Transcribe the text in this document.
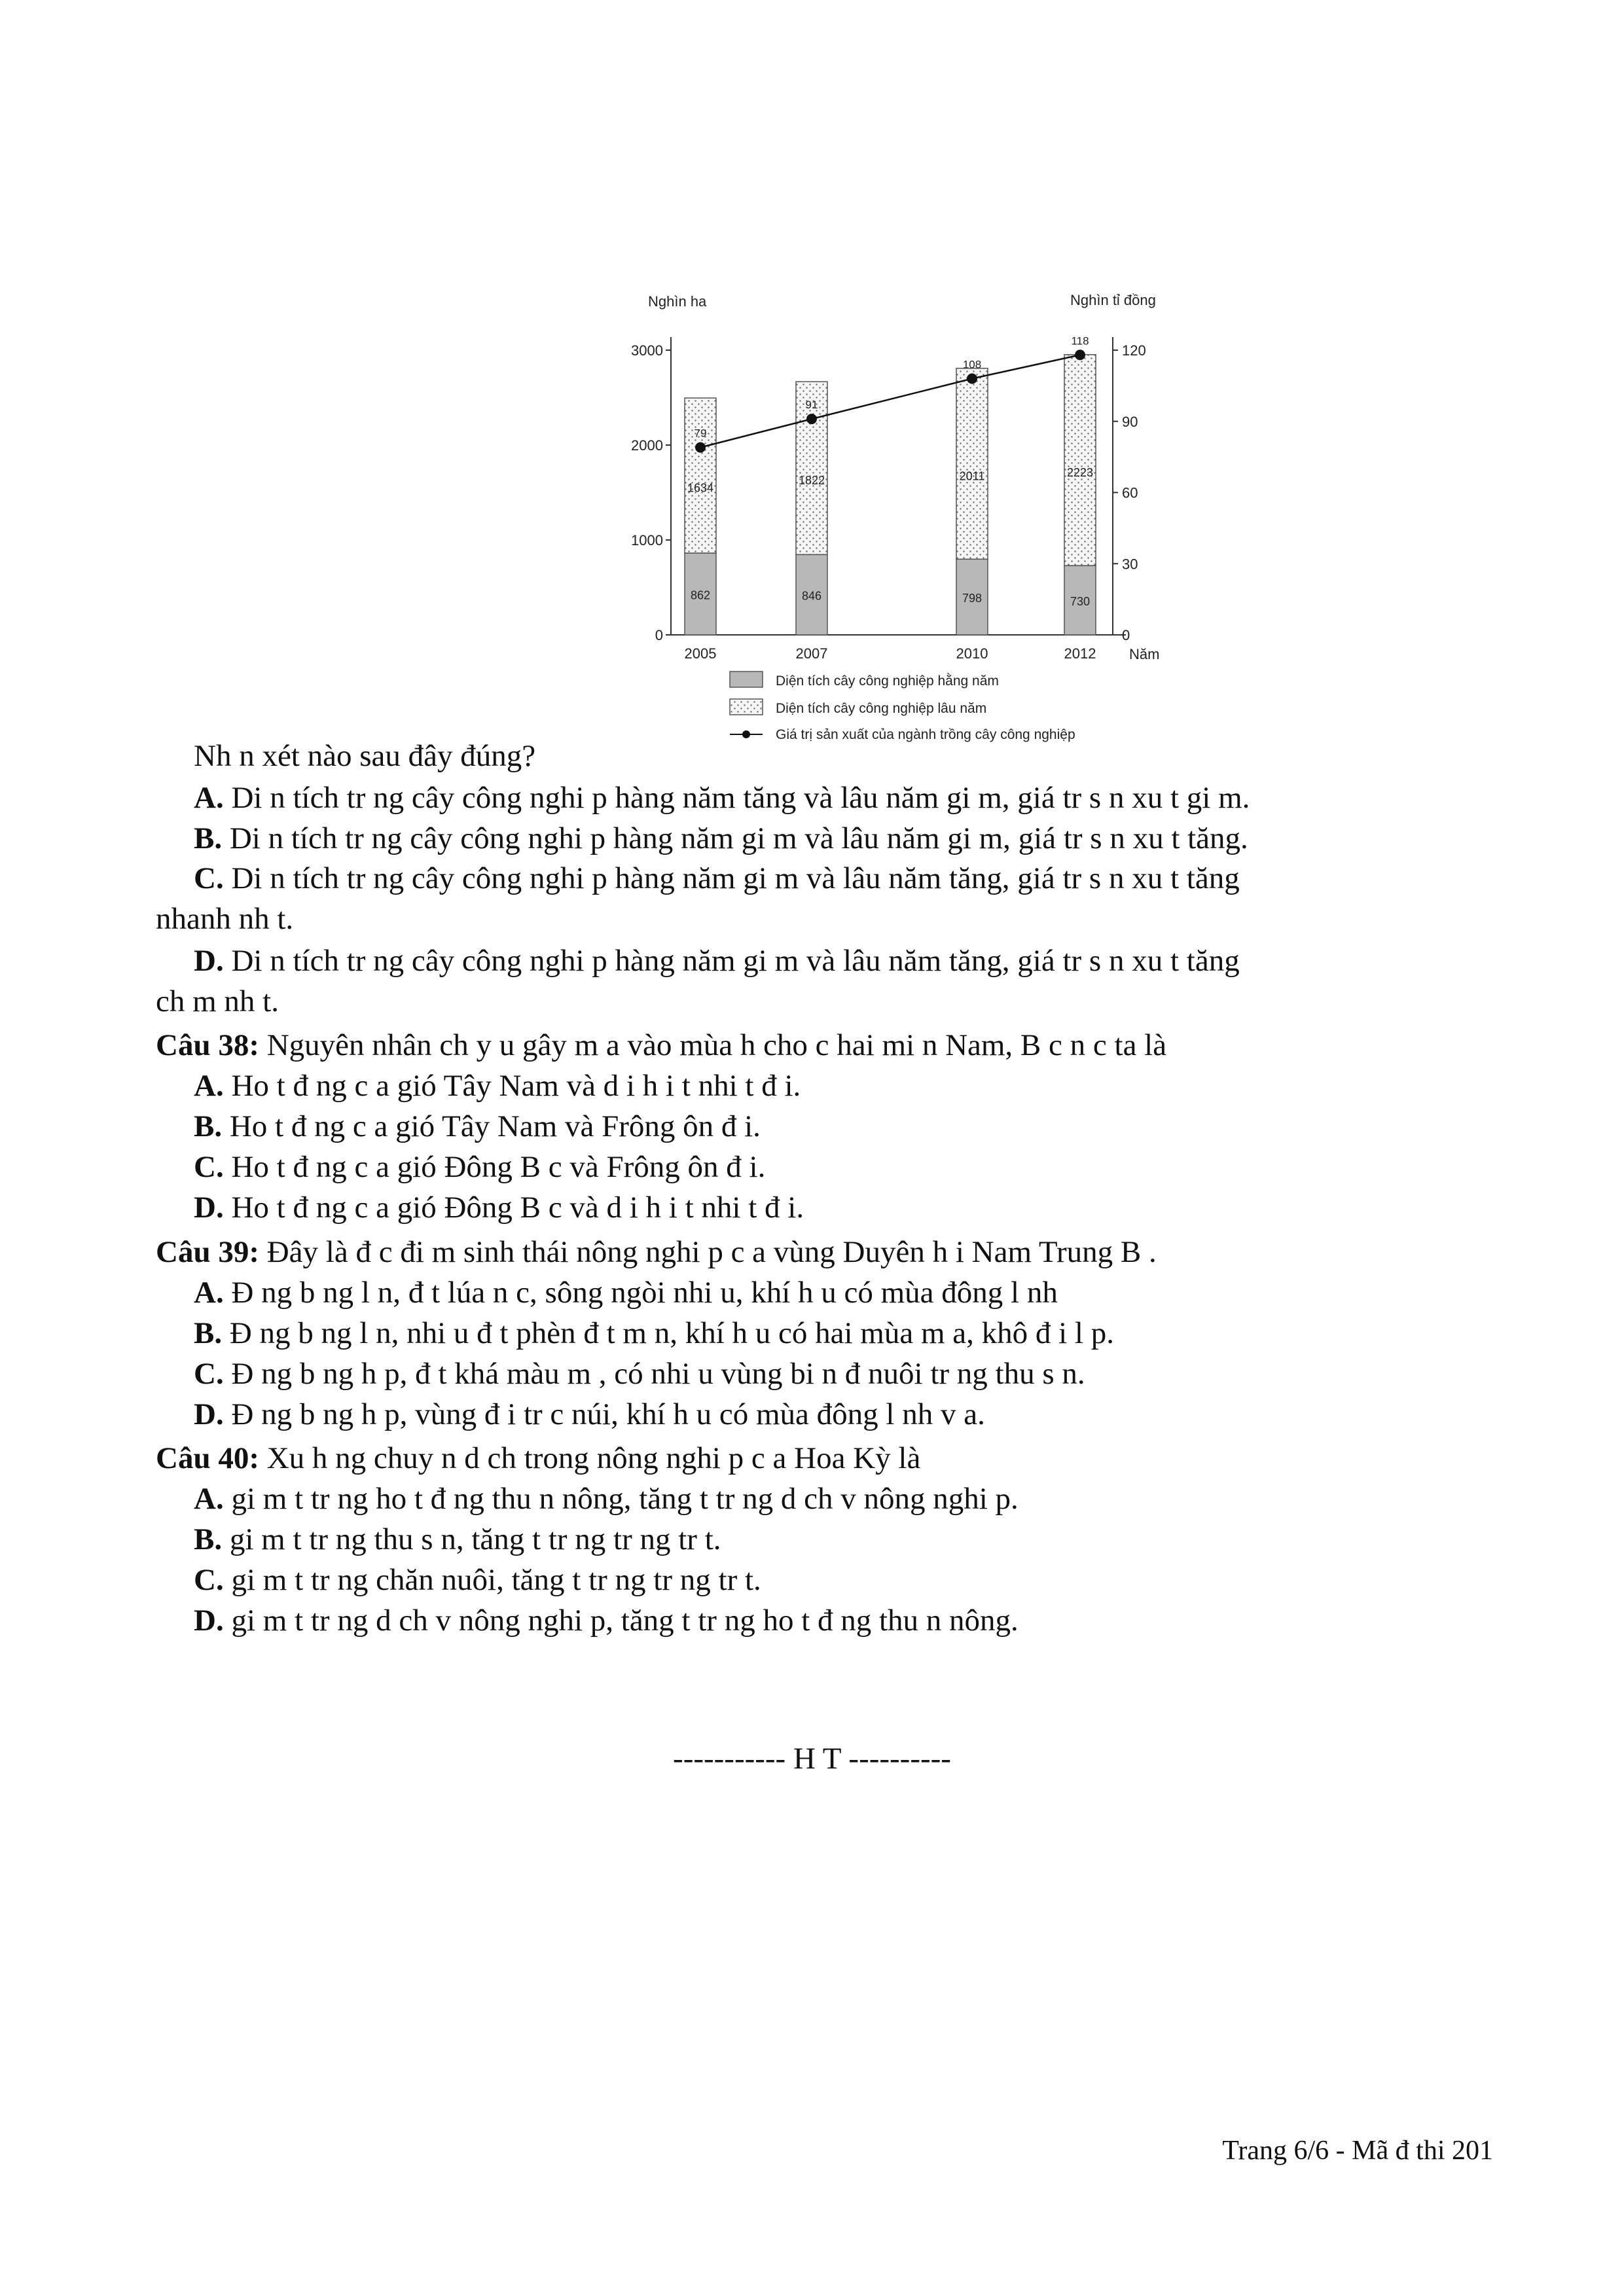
Nghìn ha	Nghìn tỉ đồng
Năm
0
1000
2000
3000
0
30
60
90
120
862
1634
2005
846
1822
2007
798
2011
2010
730
2223
2012
79
91
108
118
Diện tích cây công nghiệp hằng năm
Diện tích cây công nghiệp lâu năm
Giá trị sản xuất của ngành trồng cây công nghiệp
Nh n xét nào sau đây đúng?
A. Di n tích tr ng cây công nghi p hàng năm tăng và lâu năm gi m, giá tr s n xu t gi m.
B. Di n tích tr ng cây công nghi p hàng năm gi m và lâu năm gi m, giá tr s n xu t tăng.
C. Di n tích tr ng cây công nghi p hàng năm gi m và lâu năm tăng, giá tr s n xu t tăng
nhanh nh t.
D. Di n tích tr ng cây công nghi p hàng năm gi m và lâu năm tăng, giá tr s n xu t tăng
ch m nh t.
Câu 38: Nguyên nhân ch y u gây m a vào mùa h cho c hai mi n Nam, B c n c ta là
A. Ho t đ ng c a gió Tây Nam và d i h i t nhi t đ i.
B. Ho t đ ng c a gió Tây Nam và Frông ôn đ i.
C. Ho t đ ng c a gió Đông B c và Frông ôn đ i.
D. Ho t đ ng c a gió Đông B c và d i h i t nhi t đ i.
Câu 39: Đây là đ c đi m sinh thái nông nghi p c a vùng Duyên h i Nam Trung B .
A. Đ ng b ng l n, đ t lúa n c, sông ngòi nhi u, khí h u có mùa đông l nh
B. Đ ng b ng l n, nhi u đ t phèn đ t m n, khí h u có hai mùa m a, khô đ i l p.
C. Đ ng b ng h p, đ t khá màu m , có nhi u vùng bi n đ nuôi tr ng thu s n.
D. Đ ng b ng h p, vùng đ i tr c núi, khí h u có mùa đông l nh v a.
Câu 40: Xu h ng chuy n d ch trong nông nghi p c a Hoa Kỳ là
A. gi m t tr ng ho t đ ng thu n nông, tăng t tr ng d ch v nông nghi p.
B. gi m t tr ng thu s n, tăng t tr ng tr ng tr t.
C. gi m t tr ng chăn nuôi, tăng t tr ng tr ng tr t.
D. gi m t tr ng d ch v nông nghi p, tăng t tr ng ho t đ ng thu n nông.
----------- H T ----------
Trang 6/6 - Mã đ thi 201
